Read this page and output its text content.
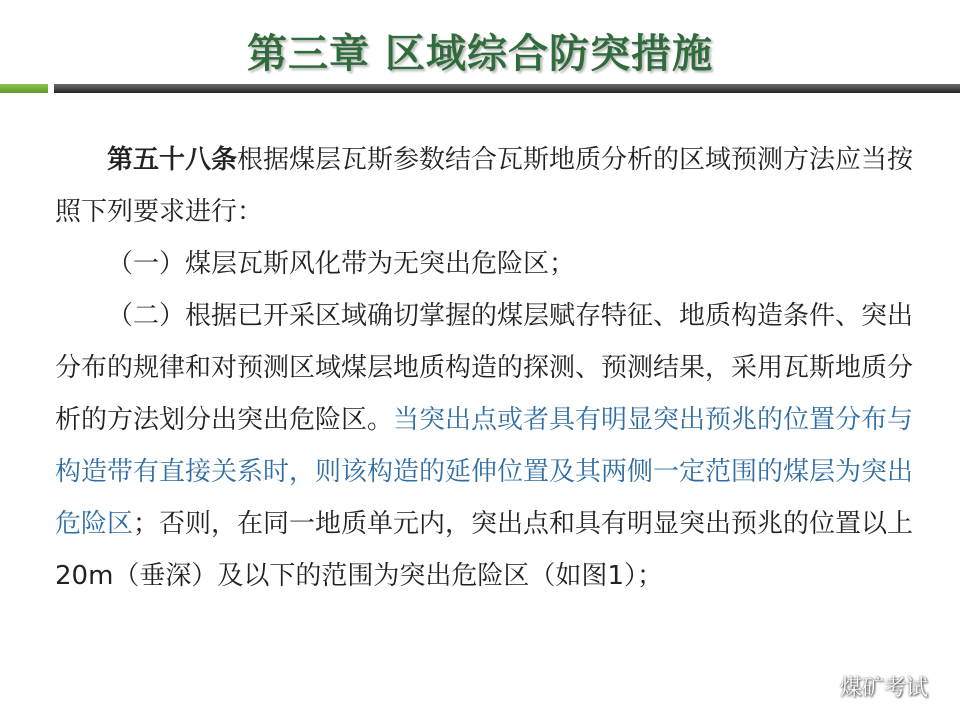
第三章 区域综合防突措施

第五十八条根据煤层瓦斯参数结合瓦斯地质分析的区域预测方法应当按照下列要求进行：

（一）煤层瓦斯风化带为无突出危险区；

（二）根据已开采区域确切掌握的煤层赋存特征、地质构造条件、突出分布的规律和对预测区域煤层地质构造的探测、预测结果，采用瓦斯地质分析的方法划分出突出危险区。当突出点或者具有明显突出预兆的位置分布与构造带有直接关系时，则该构造的延伸位置及其两侧一定范围的煤层为突出危险区；否则，在同一地质单元内，突出点和具有明显突出预兆的位置以上20m（垂深）及以下的范围为突出危险区（如图1）；

煤矿考试
